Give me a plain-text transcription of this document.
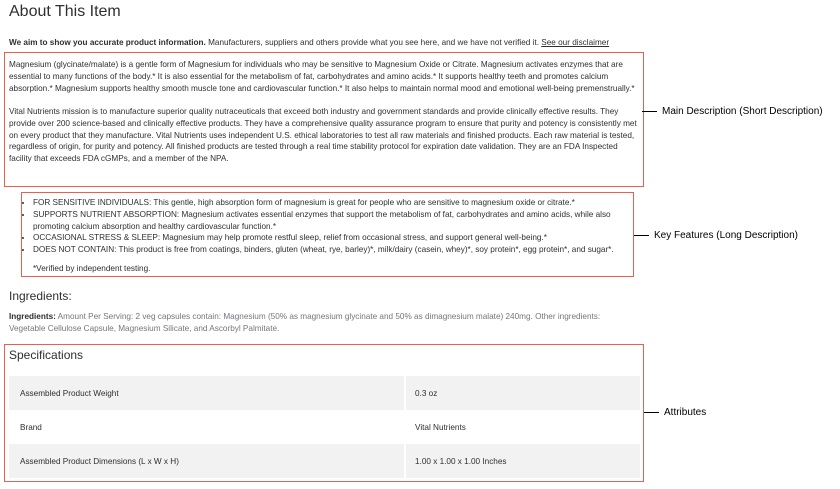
About This Item
We aim to show you accurate product information. Manufacturers, suppliers and others provide what you see here, and we have not verified it. See our disclaimer

Magnesium (glycinate/malate) is a gentle form of Magnesium for individuals who may be sensitive to Magnesium Oxide or Citrate. Magnesium activates enzymes that are essential to many functions of the body.* It is also essential for the metabolism of fat, carbohydrates and amino acids.* It supports healthy teeth and promotes calcium absorption.* Magnesium supports healthy smooth muscle tone and cardiovascular function.* It also helps to maintain normal mood and emotional well-being premenstrually.*

Vital Nutrients mission is to manufacture superior quality nutraceuticals that exceed both industry and government standards and provide clinically effective results. They provide over 200 science-based and clinically effective products. They have a comprehensive quality assurance program to ensure that purity and potency is consistently met on every product that they manufacture. Vital Nutrients uses independent U.S. ethical laboratories to test all raw materials and finished products. Each raw material is tested, regardless of origin, for purity and potency. All finished products are tested through a real time stability protocol for expiration date validation. They are an FDA Inspected facility that exceeds FDA cGMPs, and a member of the NPA.

• FOR SENSITIVE INDIVIDUALS: This gentle, high absorption form of magnesium is great for people who are sensitive to magnesium oxide or citrate.*
• SUPPORTS NUTRIENT ABSORPTION: Magnesium activates essential enzymes that support the metabolism of fat, carbohydrates and amino acids, while also promoting calcium absorption and healthy cardiovascular function.*
• OCCASIONAL STRESS & SLEEP: Magnesium may help promote restful sleep, relief from occasional stress, and support general well-being.*
• DOES NOT CONTAIN: This product is free from coatings, binders, gluten (wheat, rye, barley)*, milk/dairy (casein, whey)*, soy protein*, egg protein*, and sugar*.
*Verified by independent testing.
Ingredients:
Ingredients: Amount Per Serving: 2 veg capsules contain: Magnesium (50% as magnesium glycinate and 50% as dimagnesium malate) 240mg. Other ingredients: Vegetable Cellulose Capsule, Magnesium Silicate, and Ascorbyl Palmitate.
Specifications
Assembled Product Weight	0.3 oz
Brand	Vital Nutrients
Assembled Product Dimensions (L x W x H)	1.00 x 1.00 x 1.00 Inches
Main Description (Short Description)
Key Features (Long Description)
Attributes
